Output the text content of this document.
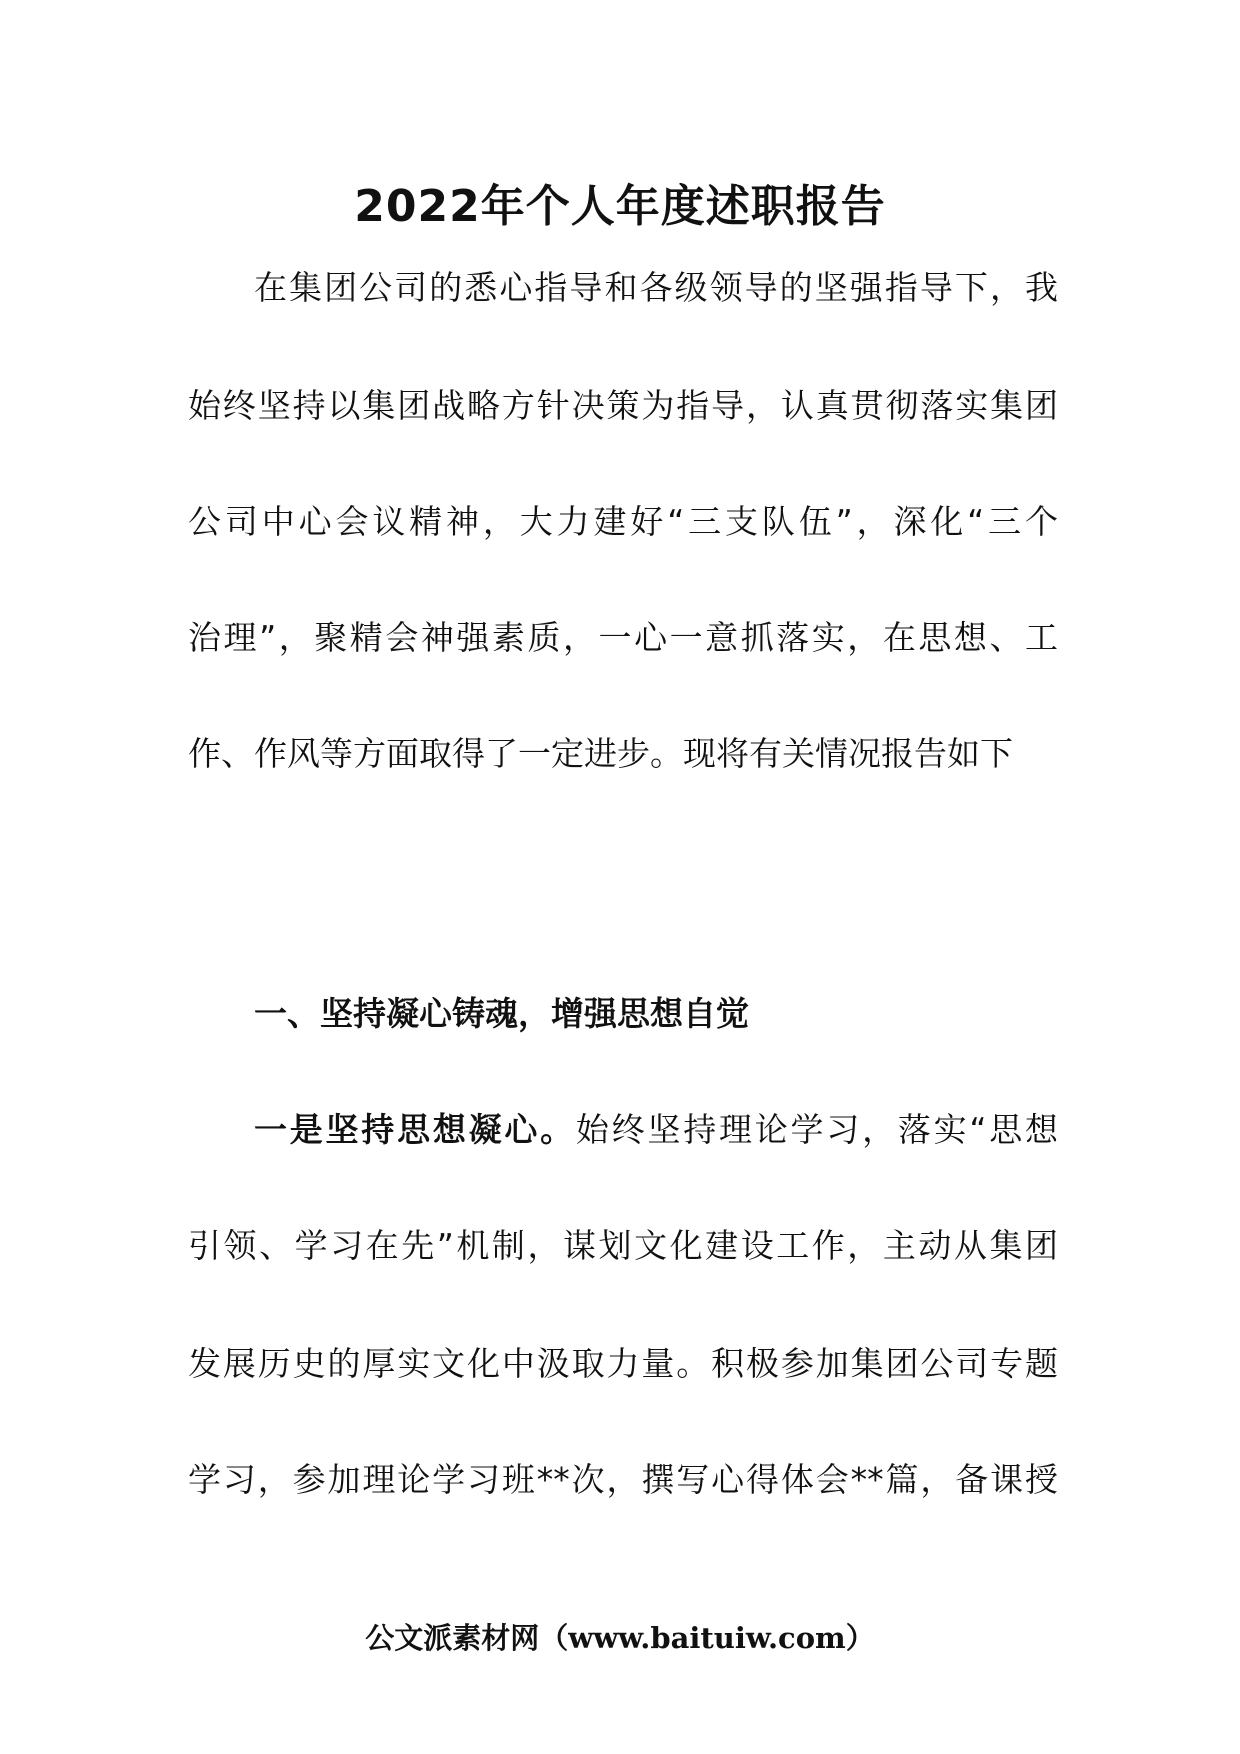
2022年个人年度述职报告
在集团公司的悉心指导和各级领导的坚强指导下，我
始终坚持以集团战略方针决策为指导，认真贯彻落实集团
公司中心会议精神，大力建好“三支队伍”，深化“三个
治理”，聚精会神强素质，一心一意抓落实，在思想、工
作、作风等方面取得了一定进步。现将有关情况报告如下
一、坚持凝心铸魂，增强思想自觉
一是坚持思想凝心。始终坚持理论学习，落实“思想
引领、学习在先”机制，谋划文化建设工作，主动从集团
发展历史的厚实文化中汲取力量。积极参加集团公司专题
学习，参加理论学习班**次，撰写心得体会**篇，备课授
公文派素材网（www.baituiw.com）
